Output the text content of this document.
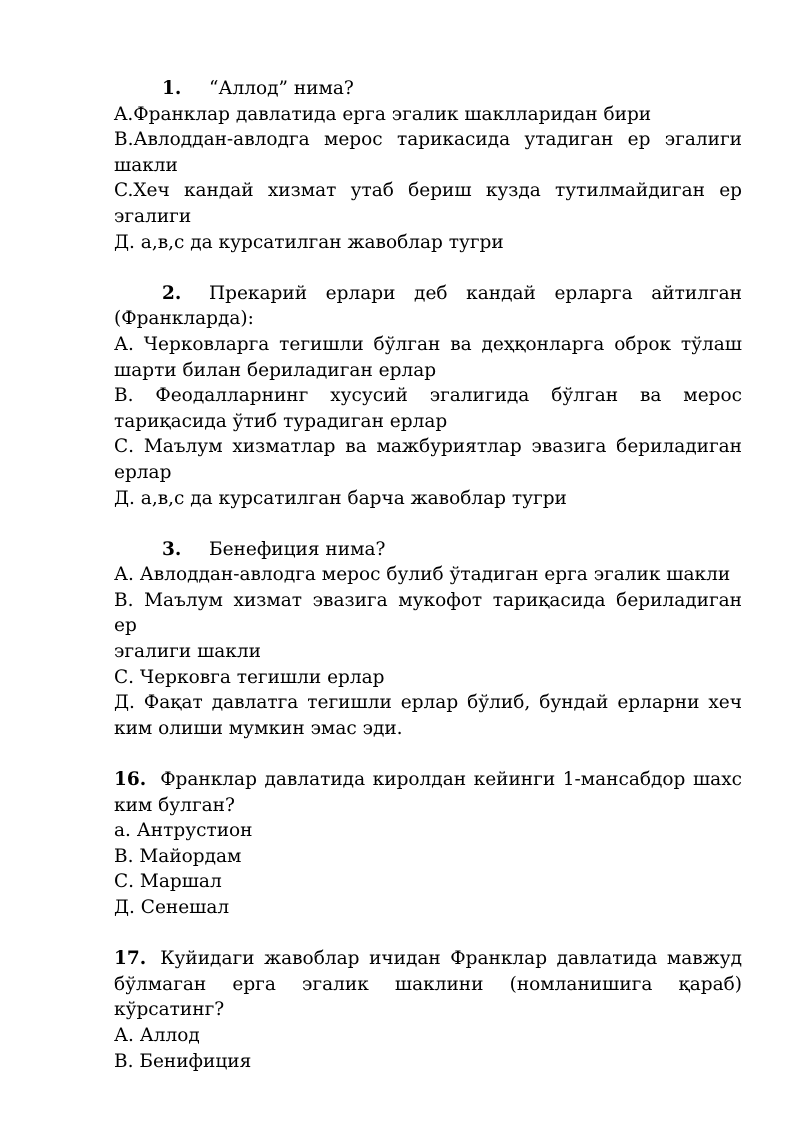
1. “Аллод” нима?
A.Франклар давлатида ерга эгалик шаклларидан бири
B.Авлоддан-авлодга мерос тарикасида утадиган ер эгалиги
шакли
C.Хеч кандай хизмат утаб бериш кузда тутилмайдиган ер
эгалиги
Д. a,в,c да курсатилган жавоблар тугри
2. Прекарий ерлари деб кандай ерларга айтилган
(Франкларда):
А. Черковларга тегишли бўлган ва деҳқонларга оброк тўлаш
шарти билан бериладиган ерлар
В. Феодалларнинг хусусий эгалигида бўлган ва мерос
тариқасида ўтиб турадиган ерлар
С. Маълум хизматлар ва мажбуриятлар эвазига бериладиган
ерлар
Д. а,в,с да курсатилган барча жавоблар тугри
3. Бенефиция нима?
А. Авлоддан-авлодга мерос булиб ўтадиган ерга эгалик шакли
В. Маълум хизмат эвазига мукофот тариқасида бериладиган ер
эгалиги шакли
С. Черковга тегишли ерлар
Д. Фақат давлатга тегишли ерлар бўлиб, бундай ерларни хеч
ким олиши мумкин эмас эди.
16. Франклар давлатида киролдан кейинги 1-мансабдор шахс
ким булган?
а. Антрустион
В. Майордам
С. Маршал
Д. Сенешал
17. Куйидаги жавоблар ичидан Франклар давлатида мавжуд
бўлмаган ерга эгалик шаклини (номланишига қараб)
кўрсатинг?
А. Аллод
В. Бенифиция
